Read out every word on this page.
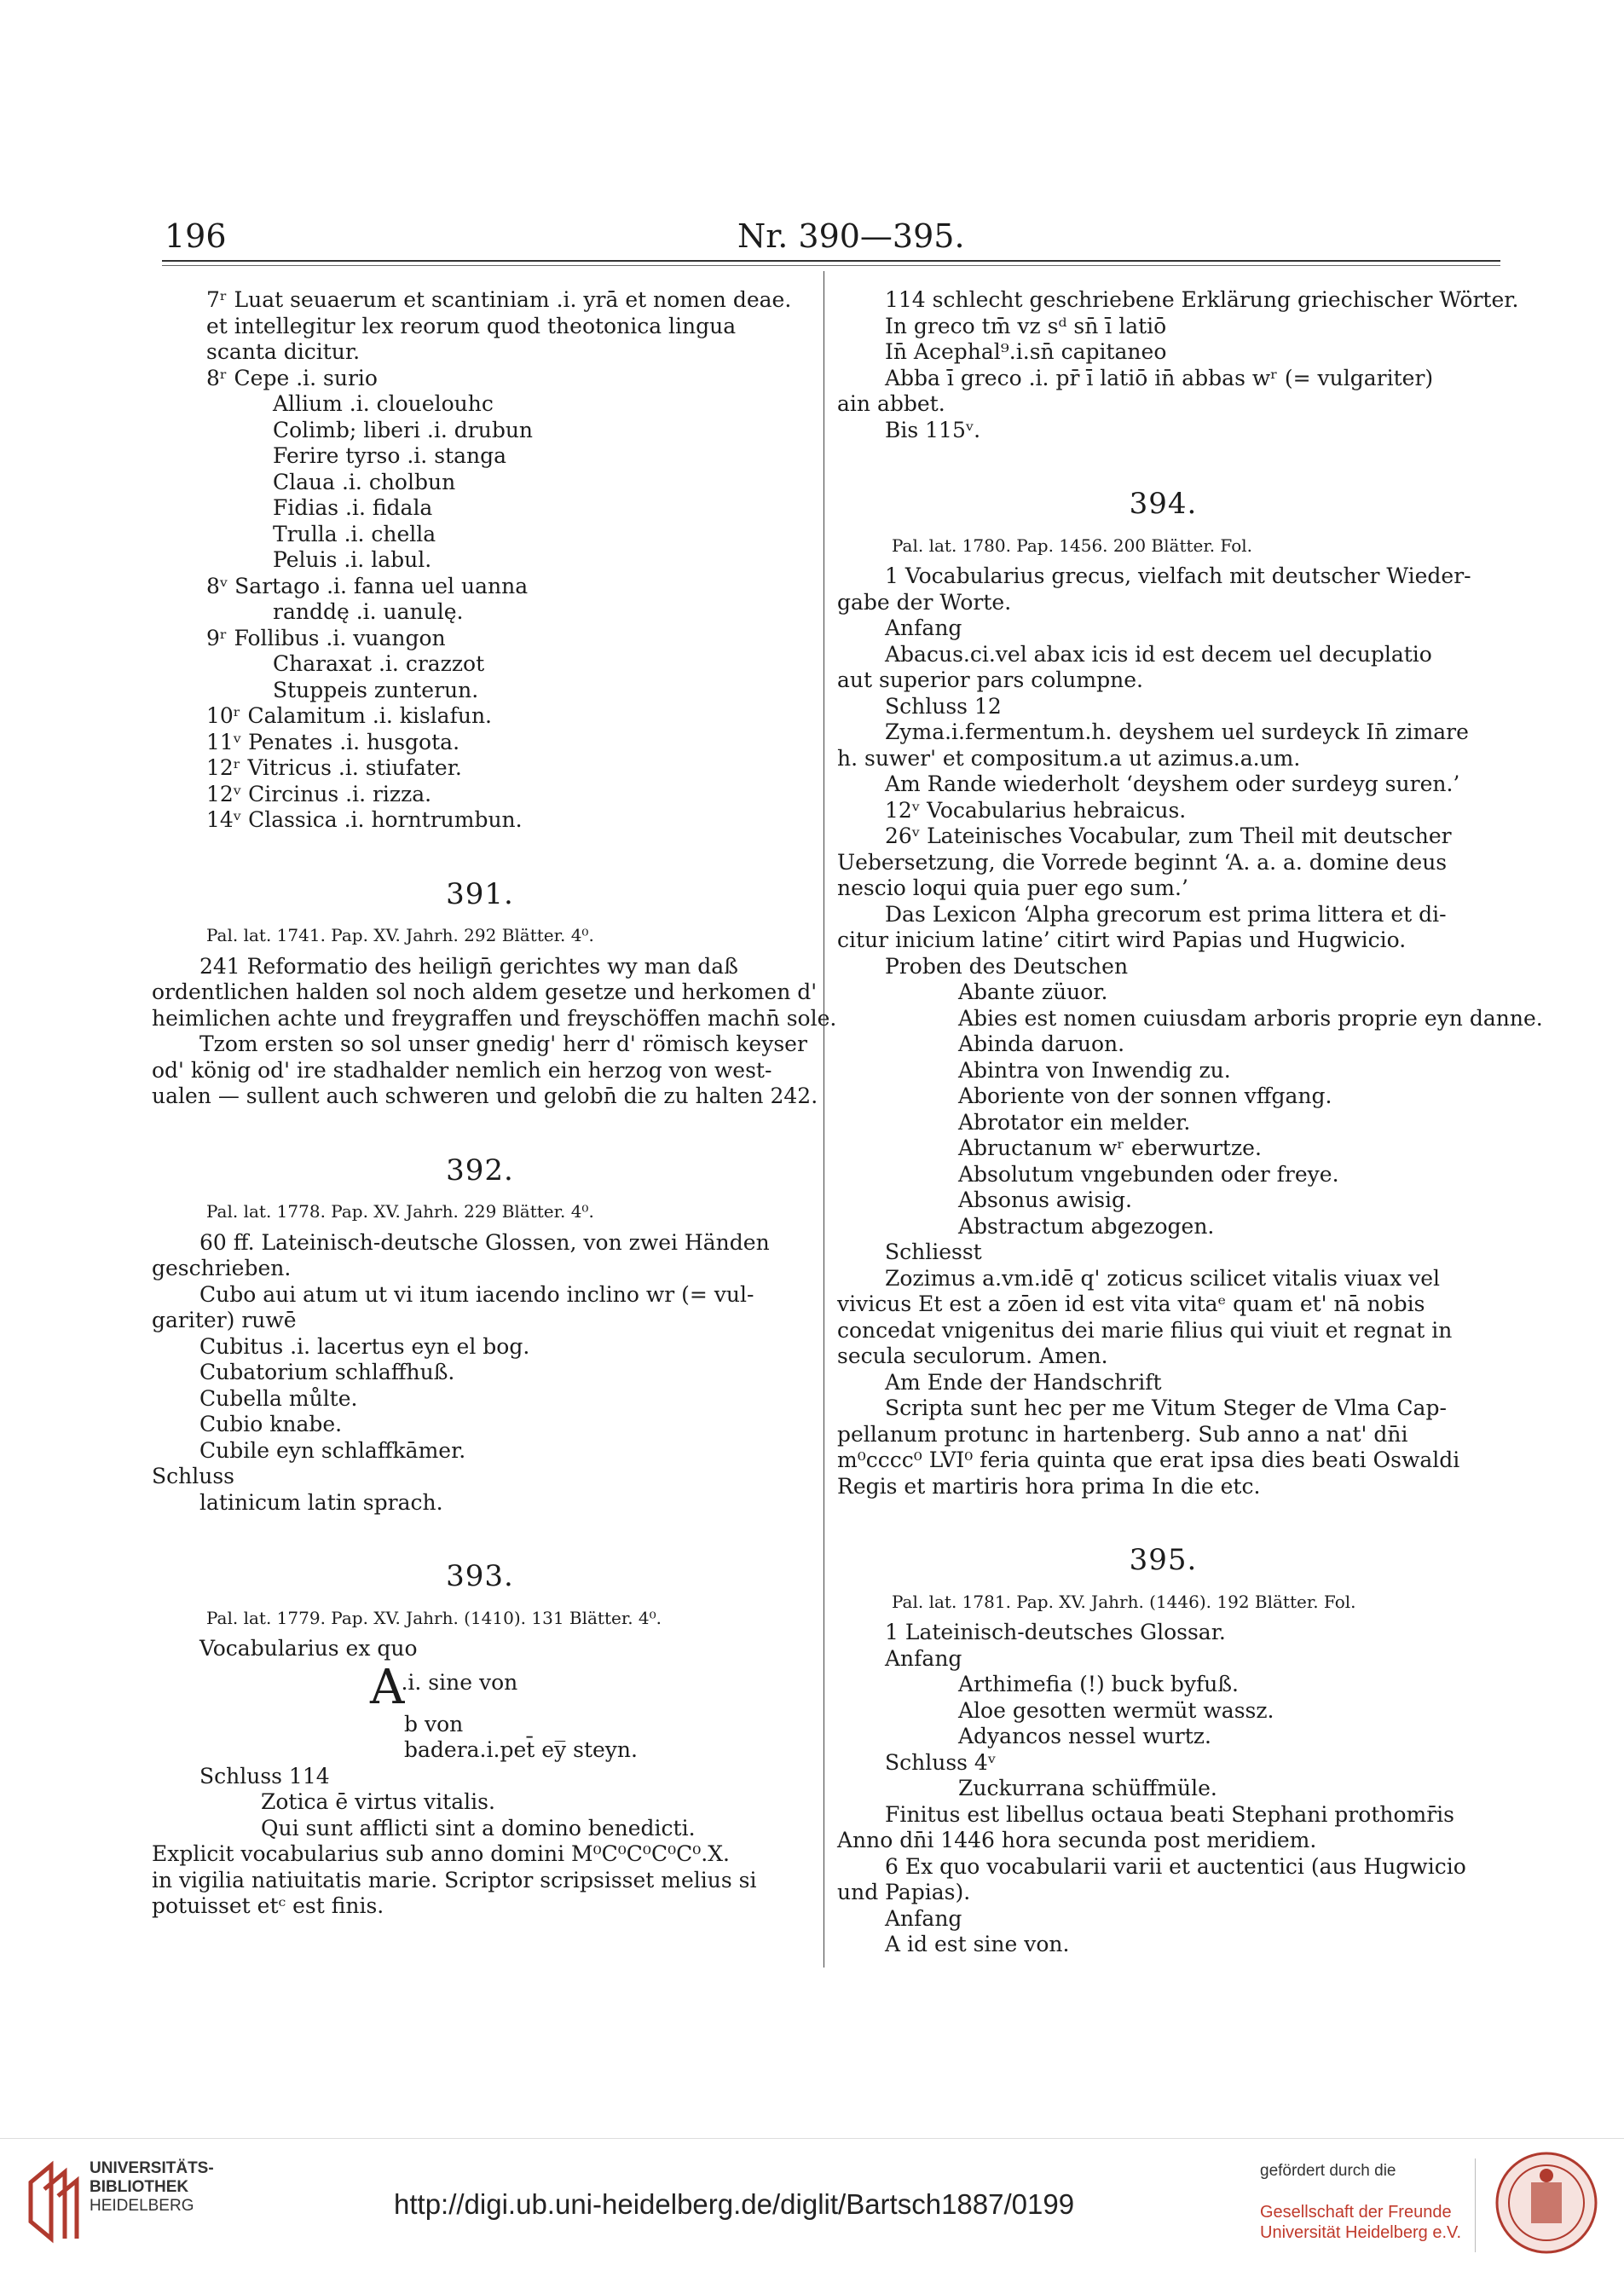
196	Nr. 390—395.
7ʳ Luat seuaerum et scantiniam .i. yrā et nomen deae.
et intellegitur lex reorum quod theotonica lingua
scanta dicitur.
8ʳ Cepe .i. surio
Allium .i. clouelouhc
Colimb; liberi .i. drubun
Ferire tyrso .i. stanga
Claua .i. cholbun
Fidias .i. fidala
Trulla .i. chella
Peluis .i. labul.
8ᵛ Sartago .i. fanna uel uanna
randdę .i. uanulę.
9ʳ Follibus .i. vuangon
Charaxat .i. crazzot
Stuppeis zunterun.
10ʳ Calamitum .i. kislafun.
11ᵛ Penates .i. husgota.
12ʳ Vitricus .i. stiufater.
12ᵛ Circinus .i. rizza.
14ᵛ Classica .i. horntrumbun.
391.
Pal. lat. 1741. Pap. XV. Jahrh. 292 Blätter. 4⁰.
241 Reformatio des heilign̄ gerichtes wy man daß
ordentlichen halden sol noch aldem gesetze und herkomen d'
heimlichen achte und freygraffen und freyschöffen machn̄ sole.
Tzom ersten so sol unser gnedig' herr d' römisch keyser
od' könig od' ire stadhalder nemlich ein herzog von west-
ualen — sullent auch schweren und gelobn̄ die zu halten 242.
392.
Pal. lat. 1778. Pap. XV. Jahrh. 229 Blätter. 4⁰.
60 ff. Lateinisch-deutsche Glossen, von zwei Händen
geschrieben.
Cubo aui atum ut vi itum iacendo inclino wr (= vul-
gariter) ruwē
Cubitus .i. lacertus eyn el bog.
Cubatorium schlaffhuß.
Cubella můlte.
Cubio knabe.
Cubile eyn schlaffkāmer.
Schluss
latinicum latin sprach.
393.
Pal. lat. 1779. Pap. XV. Jahrh. (1410). 131 Blätter. 4⁰.
Vocabularius ex quo
A.i. sine von
b von
badera.i.pet̄ ey̅ steyn.
Schluss 114
Zotica ē virtus vitalis.
Qui sunt afflicti sint a domino benedicti.
Explicit vocabularius sub anno domini M⁰C⁰C⁰C⁰C⁰.X.
in vigilia natiuitatis marie. Scriptor scripsisset melius si
potuisset etᶜ est finis.
114 schlecht geschriebene Erklärung griechischer Wörter.
In greco tm̄ vz sᵈ sn̄ ī latiō
In̄ Acephal⁹.i.sn̄ capitaneo
Abba ī greco .i. pr̄ ī latiō in̄ abbas wʳ (= vulgariter)
ain abbet.
Bis 115ᵛ.
394.
Pal. lat. 1780. Pap. 1456. 200 Blätter. Fol.
1 Vocabularius grecus, vielfach mit deutscher Wieder-
gabe der Worte.
Anfang
Abacus.ci.vel abax icis id est decem uel decuplatio
aut superior pars columpne.
Schluss 12
Zyma.i.fermentum.h. deyshem uel surdeyck In̄ zimare
h. suwer' et compositum.a ut azimus.a.um.
Am Rande wiederholt ‘deyshem oder surdeyg suren.’
12ᵛ Vocabularius hebraicus.
26ᵛ Lateinisches Vocabular, zum Theil mit deutscher
Uebersetzung, die Vorrede beginnt ‘A. a. a. domine deus
nescio loqui quia puer ego sum.’
Das Lexicon ‘Alpha grecorum est prima littera et di-
citur inicium latine’ citirt wird Papias und Hugwicio.
Proben des Deutschen
Abante züuor.
Abies est nomen cuiusdam arboris proprie eyn danne.
Abinda daruon.
Abintra von Inwendig zu.
Aboriente von der sonnen vffgang.
Abrotator ein melder.
Abructanum wʳ eberwurtze.
Absolutum vngebunden oder freye.
Absonus awisig.
Abstractum abgezogen.
Schliesst
Zozimus a.vm.idē q' zoticus scilicet vitalis viuax vel
vivicus Et est a zōen id est vita vitaᵉ quam et' nā nobis
concedat vnigenitus dei marie filius qui viuit et regnat in
secula seculorum. Amen.
Am Ende der Handschrift
Scripta sunt hec per me Vitum Steger de Vlma Cap-
pellanum protunc in hartenberg. Sub anno a nat' dn̄i
m⁰cccc⁰ LVI⁰ feria quinta que erat ipsa dies beati Oswaldi
Regis et martiris hora prima In die etc.
395.
Pal. lat. 1781. Pap. XV. Jahrh. (1446). 192 Blätter. Fol.
1 Lateinisch-deutsches Glossar.
Anfang
Arthimefia (!) buck byfuß.
Aloe gesotten wermüt wassz.
Adyancos nessel wurtz.
Schluss 4ᵛ
Zuckurrana schüffmüle.
Finitus est libellus octaua beati Stephani prothomr̄is
Anno dn̄i 1446 hora secunda post meridiem.
6 Ex quo vocabularii varii et auctentici (aus Hugwicio
und Papias).
Anfang
A id est sine von.
UNIVERSITÄTS-
BIBLIOTHEK
HEIDELBERG	http://digi.ub.uni-heidelberg.de/diglit/Bartsch1887/0199
gefördert durch die
Gesellschaft der Freunde
Universität Heidelberg e.V.
